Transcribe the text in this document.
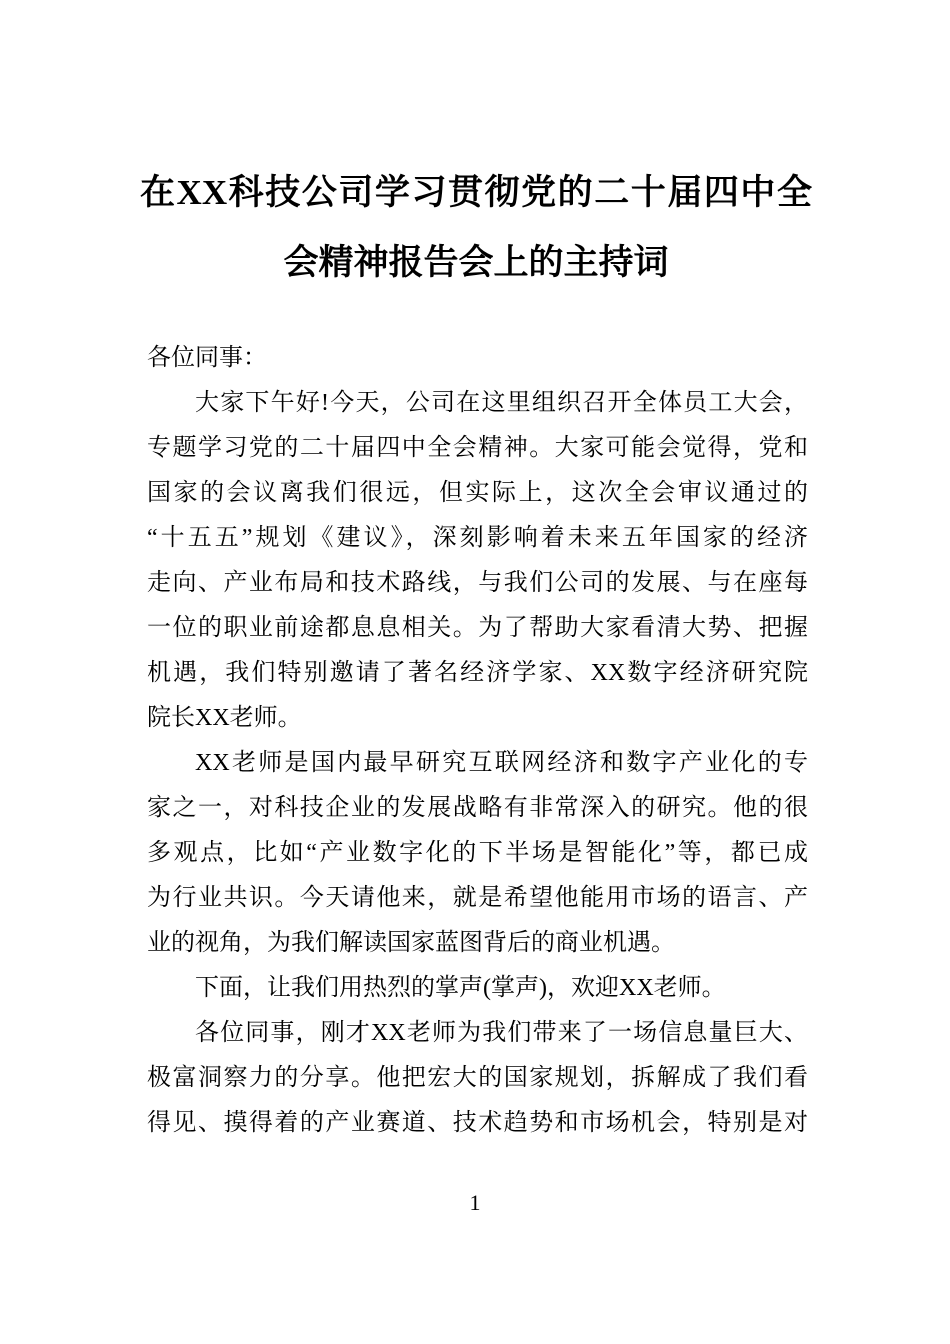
在XX科技公司学习贯彻党的二十届四中全
会精神报告会上的主持词
各位同事：
大家下午好!今天，公司在这里组织召开全体员工大会，
专题学习党的二十届四中全会精神。大家可能会觉得，党和
国家的会议离我们很远，但实际上，这次全会审议通过的
“十五五”规划《建议》，深刻影响着未来五年国家的经济
走向、产业布局和技术路线，与我们公司的发展、与在座每
一位的职业前途都息息相关。为了帮助大家看清大势、把握
机遇，我们特别邀请了著名经济学家、XX数字经济研究院
院长XX老师。
XX老师是国内最早研究互联网经济和数字产业化的专
家之一，对科技企业的发展战略有非常深入的研究。他的很
多观点，比如“产业数字化的下半场是智能化”等，都已成
为行业共识。今天请他来，就是希望他能用市场的语言、产
业的视角，为我们解读国家蓝图背后的商业机遇。
下面，让我们用热烈的掌声(掌声)，欢迎XX老师。
各位同事，刚才XX老师为我们带来了一场信息量巨大、
极富洞察力的分享。他把宏大的国家规划，拆解成了我们看
得见、摸得着的产业赛道、技术趋势和市场机会，特别是对
1
